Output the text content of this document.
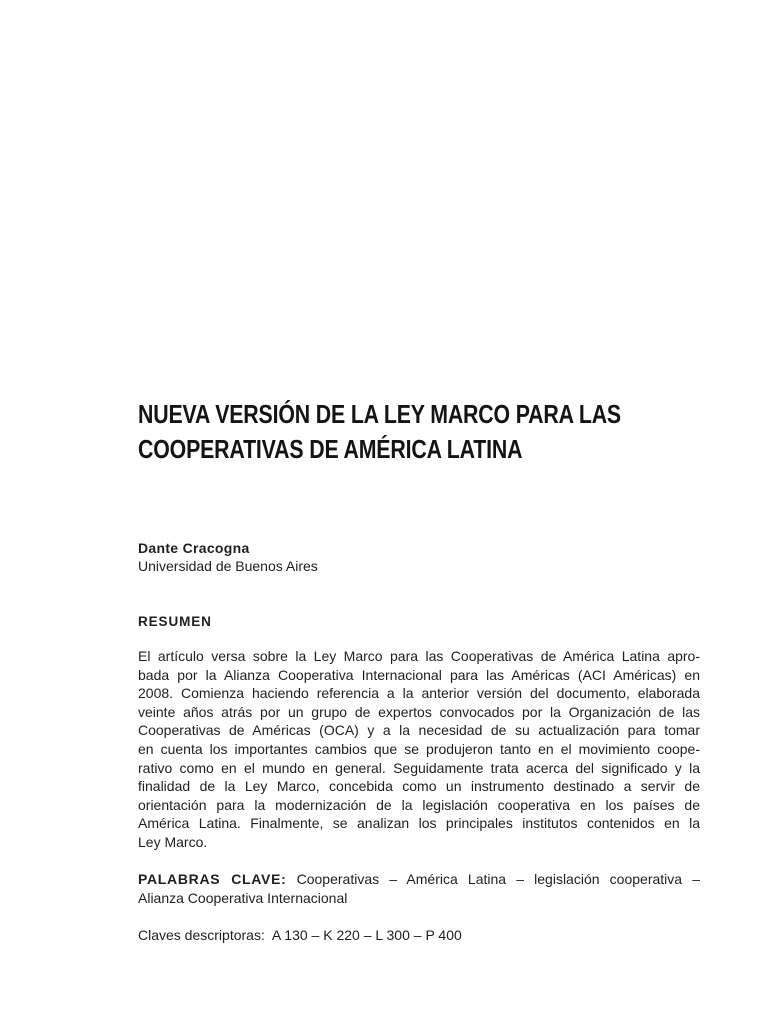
NUEVA VERSIÓN DE LA LEY MARCO PARA LAS
COOPERATIVAS DE AMÉRICA LATINA
Dante Cracogna
Universidad de Buenos Aires
RESUMEN
El artículo versa sobre la Ley Marco para las Cooperativas de América Latina apro-
bada por la Alianza Cooperativa Internacional para las Américas (ACI Américas) en
2008. Comienza haciendo referencia a la anterior versión del documento, elaborada
veinte años atrás por un grupo de expertos convocados por la Organización de las
Cooperativas de Américas (OCA) y a la necesidad de su actualización para tomar
en cuenta los importantes cambios que se produjeron tanto en el movimiento coope-
rativo como en el mundo en general. Seguidamente trata acerca del significado y la
finalidad de la Ley Marco, concebida como un instrumento destinado a servir de
orientación para la modernización de la legislación cooperativa en los países de
América Latina. Finalmente, se analizan los principales institutos contenidos en la
Ley Marco.
PALABRAS CLAVE: Cooperativas – América Latina – legislación cooperativa –
Alianza Cooperativa Internacional
Claves descriptoras:  A 130 – K 220 – L 300 – P 400
